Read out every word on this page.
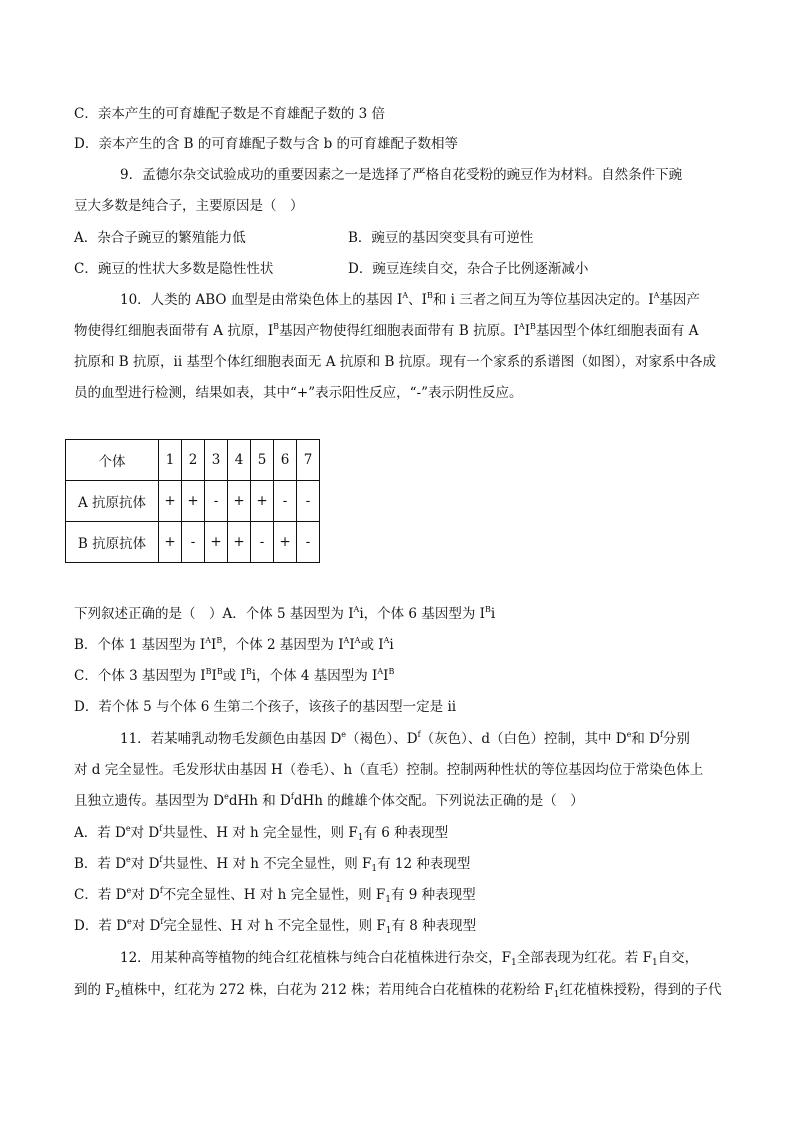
C．亲本产生的可育雄配子数是不育雄配子数的 3 倍
D．亲本产生的含 B 的可育雄配子数与含 b 的可育雄配子数相等
9．孟德尔杂交试验成功的重要因素之一是选择了严格自花受粉的豌豆作为材料。自然条件下豌
豆大多数是纯合子，主要原因是（　）
A．杂合子豌豆的繁殖能力低	B．豌豆的基因突变具有可逆性
C．豌豆的性状大多数是隐性性状	D．豌豆连续自交，杂合子比例逐渐减小
10．人类的 ABO 血型是由常染色体上的基因 $I^A$、$I^B$和 i 三者之间互为等位基因决定的。$I^A$基因产
物使得红细胞表面带有 A 抗原，$I^B$基因产物使得红细胞表面带有 B 抗原。$I^AI^B$基因型个体红细胞表面有 A
抗原和 B 抗原，ii 基型个体红细胞表面无 A 抗原和 B 抗原。现有一个家系的系谱图（如图），对家系中各成
员的血型进行检测，结果如表，其中“+”表示阳性反应，“-”表示阴性反应。
个体	1	2	3	4	5	6	7
A 抗原抗体	+	+	-	+	+	-	-
B 抗原抗体	+	-	+	+	-	+	-
下列叙述正确的是（　）A．个体 5 基因型为 $I^Ai$，个体 6 基因型为 $I^Bi$
B．个体 1 基因型为 $I^AI^B$，个体 2 基因型为 $I^AI^A$或 $I^Ai$
C．个体 3 基因型为 $I^BI^B$或 $I^Bi$，个体 4 基因型为 $I^AI^B$
D．若个体 5 与个体 6 生第二个孩子，该孩子的基因型一定是 ii
11．若某哺乳动物毛发颜色由基因 De（褐色）、$D^f$（灰色）、d（白色）控制，其中 De和 $D^f$分别
对 d 完全显性。毛发形状由基因 H（卷毛）、h（直毛）控制。控制两种性状的等位基因均位于常染色体上
且独立遗传。基因型为 DedHh 和 $D^fdHh$ 的雌雄个体交配。下列说法正确的是（　）
A．若 De对 $D^f$共显性、H 对 h 完全显性，则 $F_1$有 6 种表现型
B．若 De对 $D^f$共显性、H 对 h 不完全显性，则 $F_1$有 12 种表现型
C．若 De对 $D^f$不完全显性、H 对 h 完全显性，则 $F_1$有 9 种表现型
D．若 De对 $D^f$完全显性、H 对 h 不完全显性，则 $F_1$有 8 种表现型
12．用某种高等植物的纯合红花植株与纯合白花植株进行杂交，$F_1$全部表现为红花。若 $F_1$自交，
到的 $F_2$植株中，红花为 272 株，白花为 212 株；若用纯合白花植株的花粉给 $F_1$红花植株授粉，得到的子代
